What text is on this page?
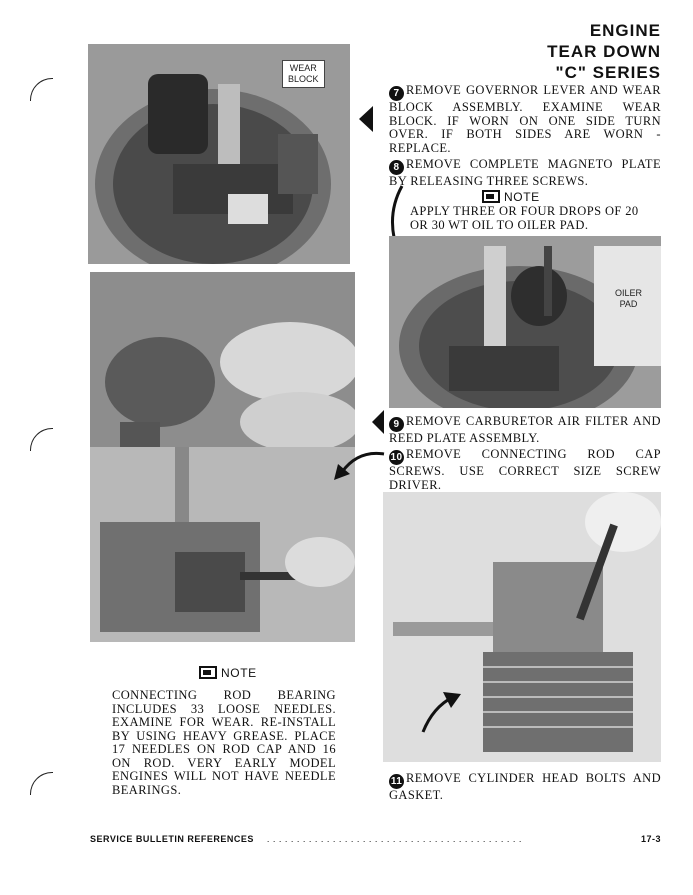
ENGINE
TEAR DOWN
"C" SERIES
WEAR
BLOCK
7 REMOVE GOVERNOR LEVER AND WEAR BLOCK ASSEMBLY. EXAMINE WEAR BLOCK. IF WORN ON ONE SIDE TURN OVER. IF BOTH SIDES ARE WORN - REPLACE.
8 REMOVE COMPLETE MAGNETO PLATE BY RELEASING THREE SCREWS.
NOTE
APPLY THREE OR FOUR DROPS OF 20 OR 30 WT OIL TO OILER PAD.
OILER
PAD
9 REMOVE CARBURETOR AIR FILTER AND REED PLATE ASSEMBLY.
10 REMOVE CONNECTING ROD CAP SCREWS. USE CORRECT SIZE SCREW DRIVER.
11 REMOVE CYLINDER HEAD BOLTS AND GASKET.
NOTE
CONNECTING ROD BEARING INCLUDES 33 LOOSE NEEDLES. EXAMINE FOR WEAR. RE-INSTALL BY USING HEAVY GREASE. PLACE 17 NEEDLES ON ROD CAP AND 16 ON ROD. VERY EARLY MODEL ENGINES WILL NOT HAVE NEEDLE BEARINGS.
SERVICE BULLETIN REFERENCES . . . . . . . . . . . . . . . . . . . . . . . . . . . . . . . . . . . . . . . . . . .	17-3
